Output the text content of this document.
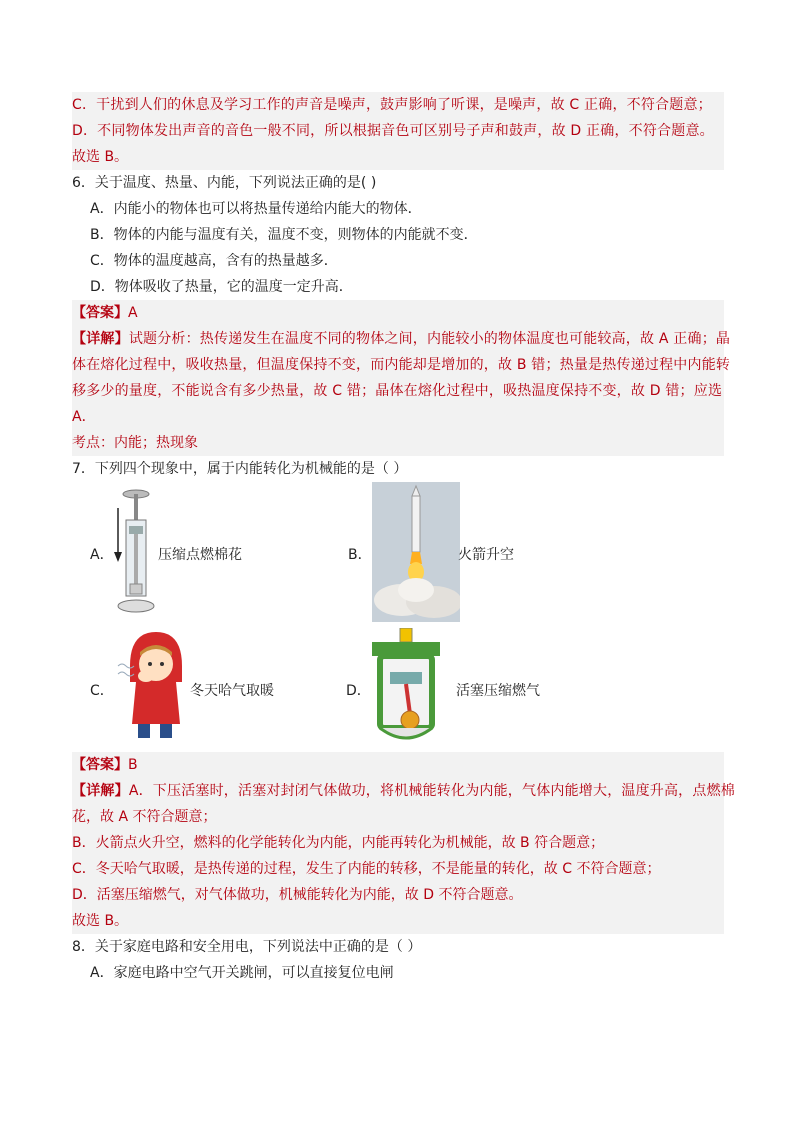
C．干扰到人们的休息及学习工作的声音是噪声，鼓声影响了听课，是噪声，故 C 正确，不符合题意；
D．不同物体发出声音的音色一般不同，所以根据音色可区别号子声和鼓声，故 D 正确，不符合题意。
故选 B。
6．关于温度、热量、内能，下列说法正确的是( )
A．内能小的物体也可以将热量传递给内能大的物体．
B．物体的内能与温度有关，温度不变，则物体的内能就不变．
C．物体的温度越高，含有的热量越多．
D．物体吸收了热量，它的温度一定升高．
【答案】A
【详解】试题分析：热传递发生在温度不同的物体之间，内能较小的物体温度也可能较高，故 A 正确；晶
体在熔化过程中，吸收热量，但温度保持不变，而内能却是增加的，故 B 错；热量是热传递过程中内能转
移多少的量度，不能说含有多少热量，故 C 错；晶体在熔化过程中，吸热温度保持不变，故 D 错；应选
A．
考点：内能；热现象
7．下列四个现象中，属于内能转化为机械能的是（ ）
A．	压缩点燃棉花	B．	火箭升空
C．	冬天哈气取暖	D．	活塞压缩燃气
【答案】B
【详解】A．下压活塞时，活塞对封闭气体做功，将机械能转化为内能，气体内能增大，温度升高，点燃棉
花，故 A 不符合题意；
B．火箭点火升空，燃料的化学能转化为内能，内能再转化为机械能，故 B 符合题意；
C．冬天哈气取暖，是热传递的过程，发生了内能的转移，不是能量的转化，故 C 不符合题意；
D．活塞压缩燃气，对气体做功，机械能转化为内能，故 D 不符合题意。
故选 B。
8．关于家庭电路和安全用电，下列说法中正确的是（ ）
A．家庭电路中空气开关跳闸，可以直接复位电闸
